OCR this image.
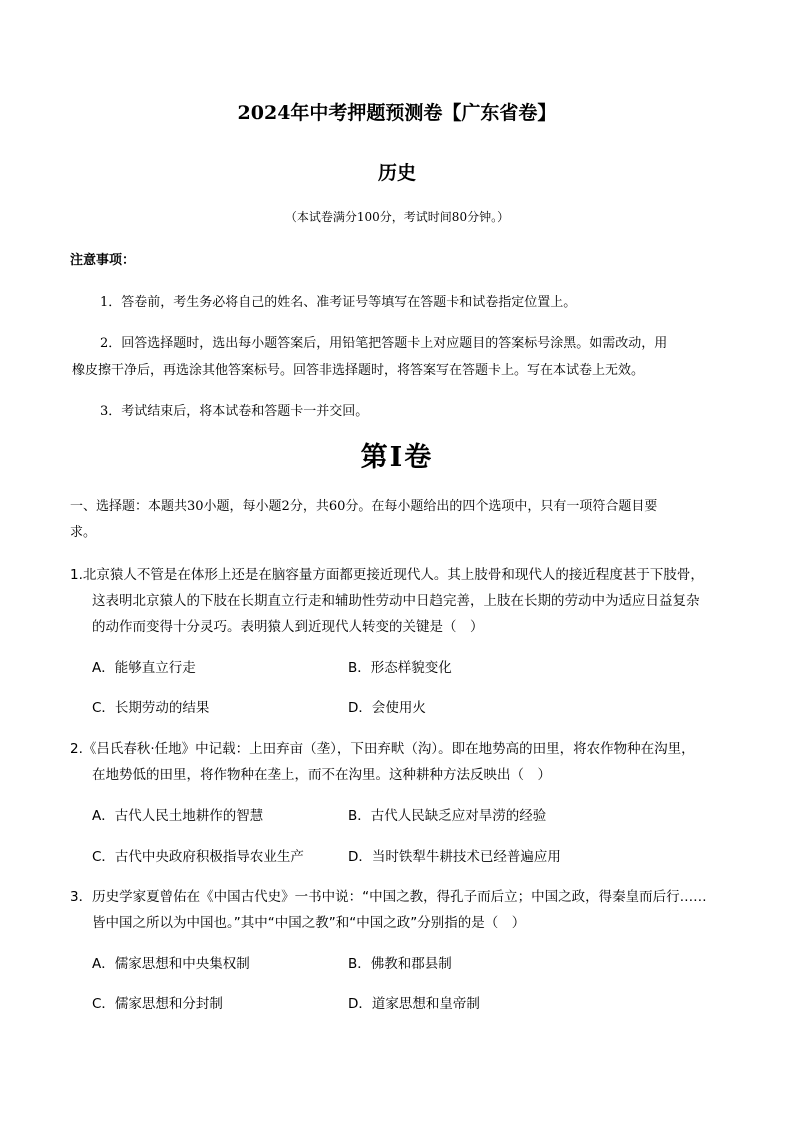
2024年中考押题预测卷【广东省卷】
历史
（本试卷满分100分，考试时间80分钟。）
注意事项：
1．答卷前，考生务必将自己的姓名、准考证号等填写在答题卡和试卷指定位置上。
2．回答选择题时，选出每小题答案后，用铅笔把答题卡上对应题目的答案标号涂黑。如需改动，用
橡皮擦干净后，再选涂其他答案标号。回答非选择题时，将答案写在答题卡上。写在本试卷上无效。
3．考试结束后，将本试卷和答题卡一并交回。
第I卷
一、选择题：本题共30小题，每小题2分，共60分。在每小题给出的四个选项中，只有一项符合题目要
求。
1.北京猿人不管是在体形上还是在脑容量方面都更接近现代人。其上肢骨和现代人的接近程度甚于下肢骨，
这表明北京猿人的下肢在长期直立行走和辅助性劳动中日趋完善，上肢在长期的劳动中为适应日益复杂
的动作而变得十分灵巧。表明猿人到近现代人转变的关键是（　）
A．能够直立行走	B．形态样貌变化
C．长期劳动的结果	D．会使用火
2.《吕氏春秋·任地》中记载：上田弃亩（垄），下田弃畎（沟）。即在地势高的田里，将农作物种在沟里，
在地势低的田里，将作物种在垄上，而不在沟里。这种耕种方法反映出（　）
A．古代人民土地耕作的智慧	B．古代人民缺乏应对旱涝的经验
C．古代中央政府积极指导农业生产	D．当时铁犁牛耕技术已经普遍应用
3．历史学家夏曾佑在《中国古代史》一书中说：“中国之教，得孔子而后立；中国之政，得秦皇而后行……
皆中国之所以为中国也。”其中“中国之教”和“中国之政”分别指的是（　）
A．儒家思想和中央集权制	B．佛教和郡县制
C．儒家思想和分封制	D．道家思想和皇帝制
